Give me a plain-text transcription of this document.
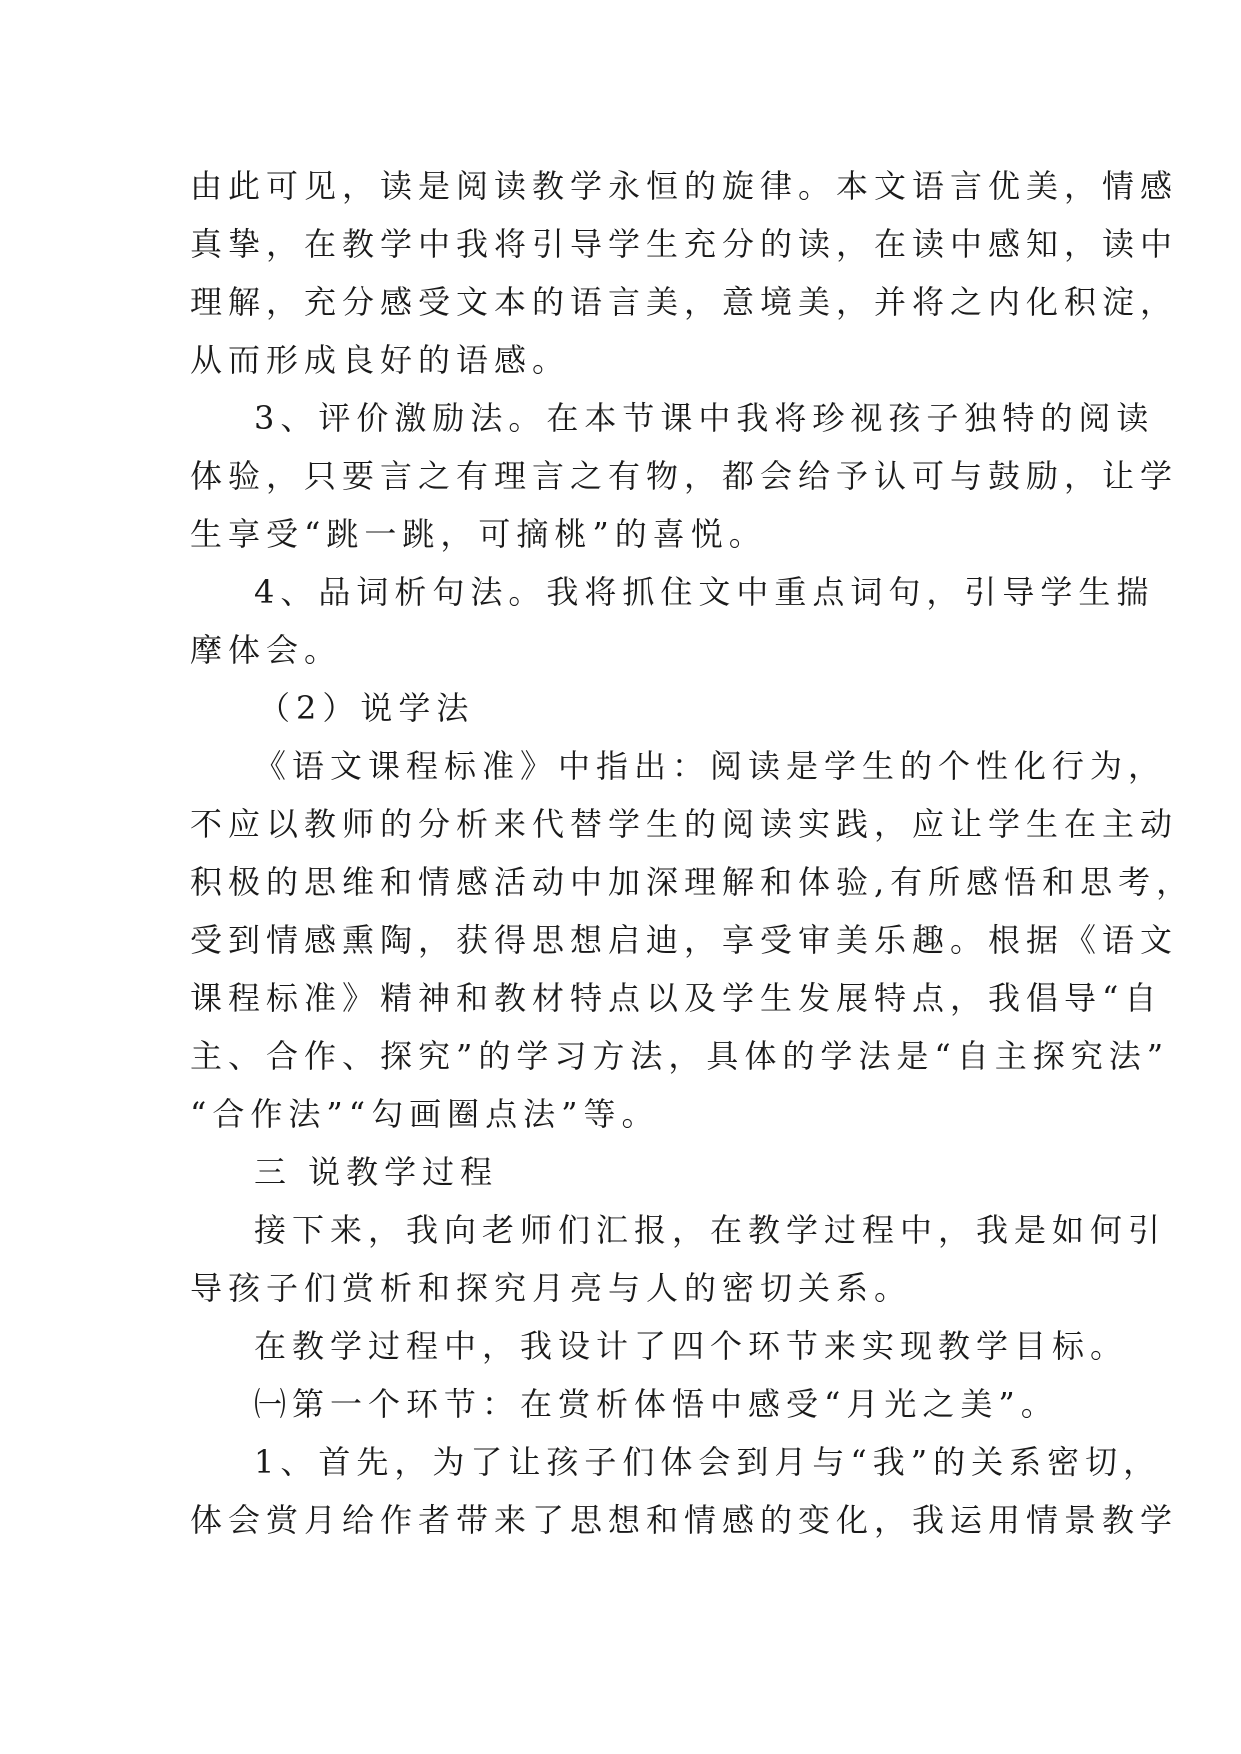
由此可见，读是阅读教学永恒的旋律。本文语言优美，情感
真挚，在教学中我将引导学生充分的读，在读中感知，读中
理解，充分感受文本的语言美，意境美，并将之内化积淀，
从而形成良好的语感。
3、评价激励法。在本节课中我将珍视孩子独特的阅读
体验，只要言之有理言之有物，都会给予认可与鼓励，让学
生享受“跳一跳，可摘桃”的喜悦。
4、品词析句法。我将抓住文中重点词句，引导学生揣
摩体会。
（2）说学法
《语文课程标准》中指出：阅读是学生的个性化行为，
不应以教师的分析来代替学生的阅读实践，应让学生在主动
积极的思维和情感活动中加深理解和体验,有所感悟和思考，
受到情感熏陶，获得思想启迪，享受审美乐趣。根据《语文
课程标准》精神和教材特点以及学生发展特点，我倡导“自
主、合作、探究”的学习方法，具体的学法是“自主探究法”
“合作法”“勾画圈点法”等。
三 说教学过程
接下来，我向老师们汇报，在教学过程中，我是如何引
导孩子们赏析和探究月亮与人的密切关系。
在教学过程中，我设计了四个环节来实现教学目标。
㈠第一个环节：在赏析体悟中感受“月光之美”。
1、首先，为了让孩子们体会到月与“我”的关系密切，
体会赏月给作者带来了思想和情感的变化，我运用情景教学
